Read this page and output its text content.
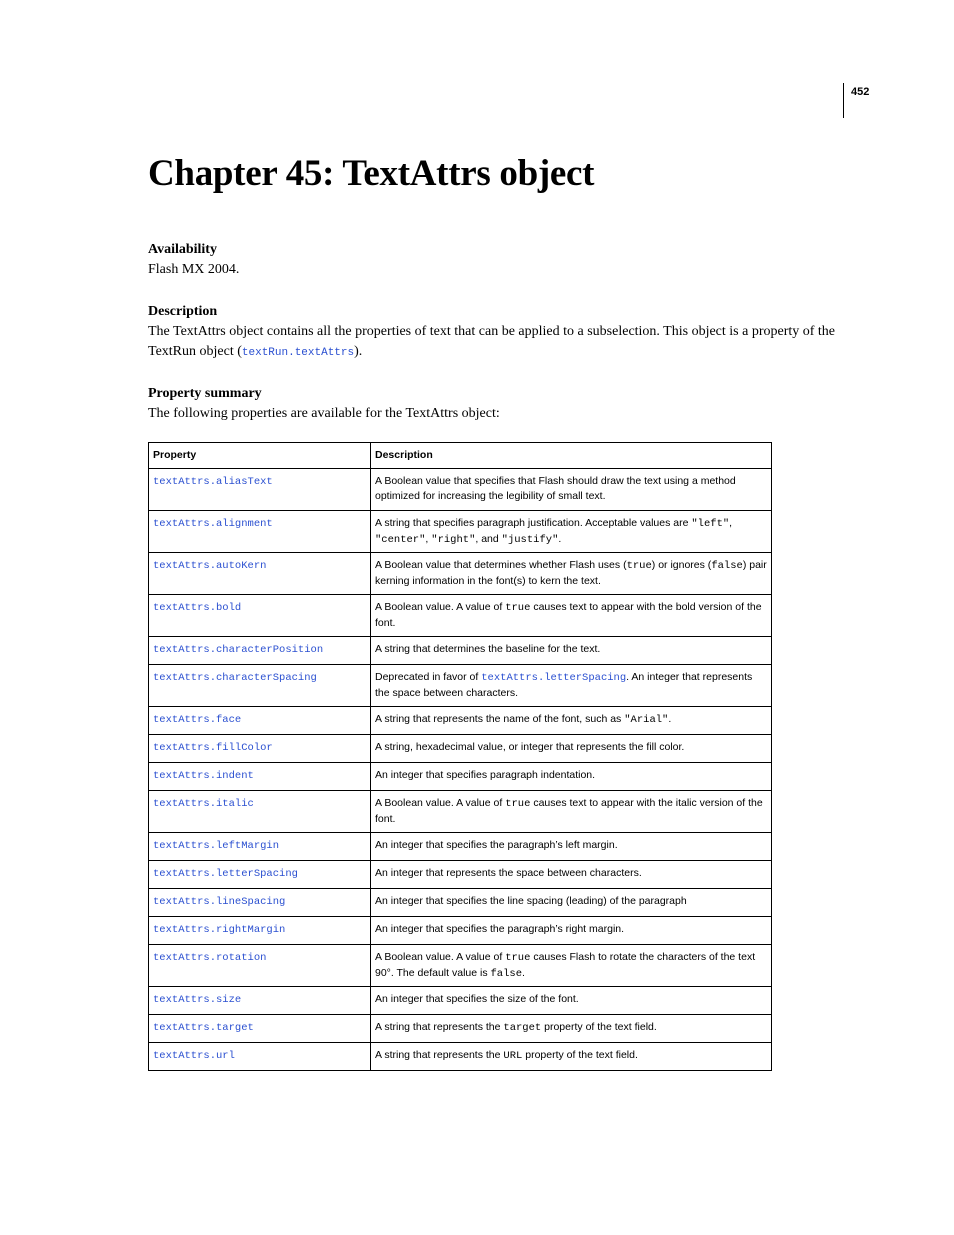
452
Chapter 45: TextAttrs object

Availability

Flash MX 2004.

Description

The TextAttrs object contains all the properties of text that can be applied to a subselection. This object is a property of the TextRun object (textRun.textAttrs).

Property summary

The following properties are available for the TextAttrs object:

Property	Description
textAttrs.aliasText	A Boolean value that specifies that Flash should draw the text using a method optimized for increasing the legibility of small text.
textAttrs.alignment	A string that specifies paragraph justification. Acceptable values are "left", "center", "right", and "justify".
textAttrs.autoKern	A Boolean value that determines whether Flash uses (true) or ignores (false) pair kerning information in the font(s) to kern the text.
textAttrs.bold	A Boolean value. A value of true causes text to appear with the bold version of the font.
textAttrs.characterPosition	A string that determines the baseline for the text.
textAttrs.characterSpacing	Deprecated in favor of textAttrs.letterSpacing. An integer that represents the space between characters.
textAttrs.face	A string that represents the name of the font, such as "Arial".
textAttrs.fillColor	A string, hexadecimal value, or integer that represents the fill color.
textAttrs.indent	An integer that specifies paragraph indentation.
textAttrs.italic	A Boolean value. A value of true causes text to appear with the italic version of the font.
textAttrs.leftMargin	An integer that specifies the paragraph’s left margin.
textAttrs.letterSpacing	An integer that represents the space between characters.
textAttrs.lineSpacing	An integer that specifies the line spacing (leading) of the paragraph
textAttrs.rightMargin	An integer that specifies the paragraph’s right margin.
textAttrs.rotation	A Boolean value. A value of true causes Flash to rotate the characters of the text 90°. The default value is false.
textAttrs.size	An integer that specifies the size of the font.
textAttrs.target	A string that represents the target property of the text field.
textAttrs.url	A string that represents the URL property of the text field.
